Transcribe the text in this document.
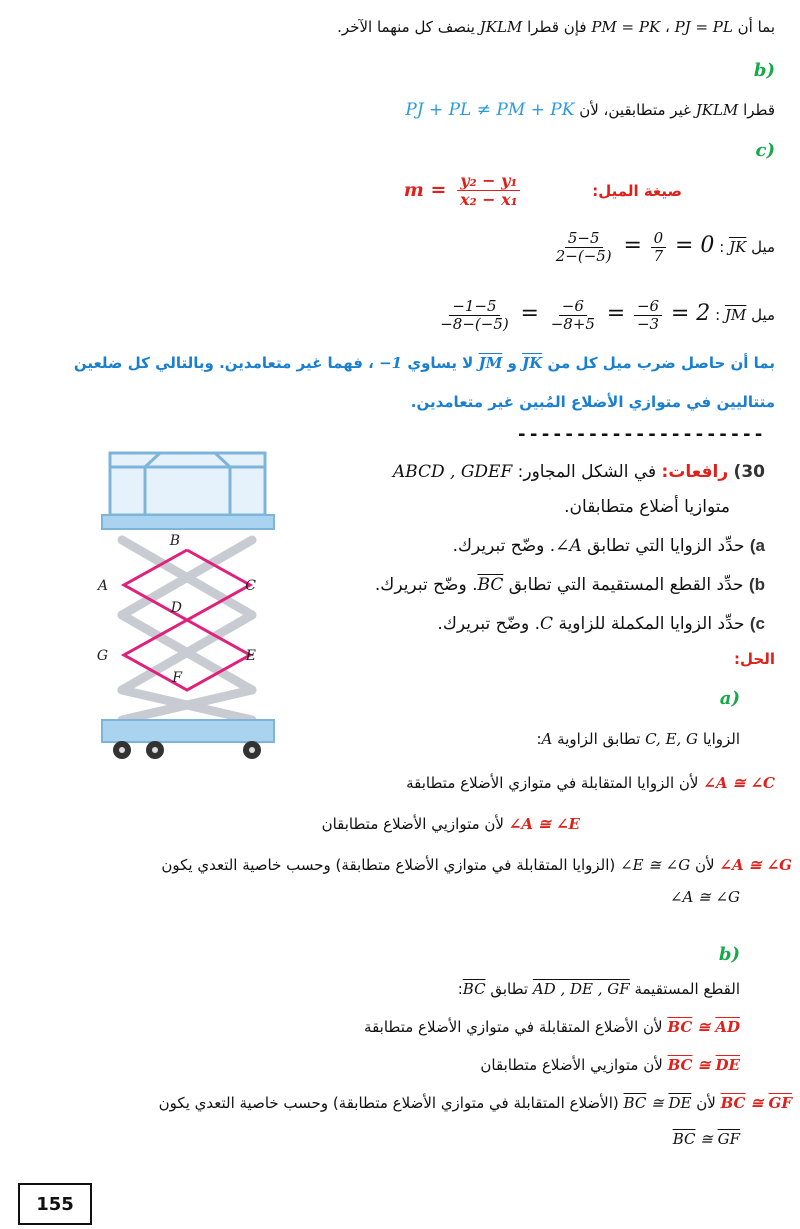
بما أن PJ = PL ، PM = PK فإن قطرا JKLM ينصف كل منهما الآخر.
(b
قطرا JKLM غير متطابقين، لأن PJ + PL ≠ PM + PK
(c
صيغة الميل:  $m = \frac{\text{y₂ − y₁}}{\text{x₂ − x₁}}$
ميل $\overline{JK}$ :
$\frac{5-5}{2-(-5)} = \frac{0}{7} = 0$
ميل $\overline{JM}$ :
$\frac{-1-5}{-8-(-5)} = \frac{-6}{-8+5} = \frac{-6}{-3} = 2$
بما أن حاصل ضرب ميل كل من $\overline{JK}$ و $\overline{JM}$ لا يساوي −1 ، فهما غير متعامدين. وبالتالي كل ضلعين
متتاليين في متوازي الأضلاع المُبين غير متعامدين.
---------------------
30) رافعات: في الشكل المجاور: ABCD , GDEF
متوازيا أضلاع متطابقان.
a) حدِّد الزوايا التي تطابق ∠A. وضّح تبريرك.
b) حدِّد القطع المستقيمة التي تطابق $\overline{BC}$. وضّح تبريرك.
c) حدِّد الزوايا المكملة للزاوية C. وضّح تبريرك.
B
A	C
D
G	E
F
الحل:
(a
الزوايا C, E, G تطابق الزاوية A:
∠A ≅ ∠C لأن الزوايا المتقابلة في متوازي الأضلاع متطابقة
∠A ≅ ∠E لأن متوازيي الأضلاع متطابقان
∠A ≅ ∠G لأن ∠E ≅ ∠G (الزوايا المتقابلة في متوازي الأضلاع متطابقة) وحسب خاصية التعدي يكون
∠A ≅ ∠G
(b
القطع المستقيمة AD , DE , GF تطابق $\overline{BC}$:
$\overline{BC}$ ≅ $\overline{AD}$ لأن الأضلاع المتقابلة في متوازي الأضلاع متطابقة
$\overline{BC}$ ≅ $\overline{DE}$ لأن متوازيي الأضلاع متطابقان
$\overline{BC}$ ≅ $\overline{GF}$ لأن $\overline{BC}$ ≅ $\overline{DE}$ (الأضلاع المتقابلة في متوازي الأضلاع متطابقة) وحسب خاصية التعدي يكون
$\overline{BC}$ ≅ $\overline{GF}$
155
